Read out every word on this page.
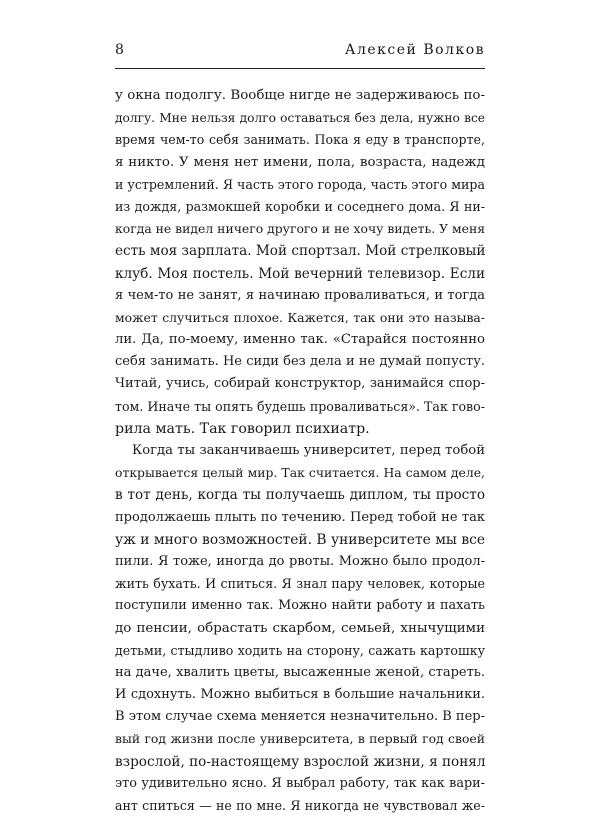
8	Алексей Волков
у окна подолгу. Вообще нигде не задерживаюсь по-
долгу. Мне нельзя долго оставаться без дела, нужно все
время чем-то себя занимать. Пока я еду в транспорте,
я никто. У меня нет имени, пола, возраста, надежд
и устремлений. Я часть этого города, часть этого мира
из дождя, размокшей коробки и соседнего дома. Я ни-
когда не видел ничего другого и не хочу видеть. У меня
есть моя зарплата. Мой спортзал. Мой стрелковый
клуб. Моя постель. Мой вечерний телевизор. Если
я чем-то не занят, я начинаю проваливаться, и тогда
может случиться плохое. Кажется, так они это называ-
ли. Да, по-моему, именно так. «Старайся постоянно
себя занимать. Не сиди без дела и не думай попусту.
Читай, учись, собирай конструктор, занимайся спор-
том. Иначе ты опять будешь проваливаться». Так гово-
рила мать. Так говорил психиатр.
Когда ты заканчиваешь университет, перед тобой
открывается целый мир. Так считается. На самом деле,
в тот день, когда ты получаешь диплом, ты просто
продолжаешь плыть по течению. Перед тобой не так
уж и много возможностей. В университете мы все
пили. Я тоже, иногда до рвоты. Можно было продол-
жить бухать. И спиться. Я знал пару человек, которые
поступили именно так. Можно найти работу и пахать
до пенсии, обрастать скарбом, семьей, хнычущими
детьми, стыдливо ходить на сторону, сажать картошку
на даче, хвалить цветы, высаженные женой, стареть.
И сдохнуть. Можно выбиться в большие начальники.
В этом случае схема меняется незначительно. В пер-
вый год жизни после университета, в первый год своей
взрослой, по-настоящему взрослой жизни, я понял
это удивительно ясно. Я выбрал работу, так как вари-
ант спиться — не по мне. Я никогда не чувствовал же-
